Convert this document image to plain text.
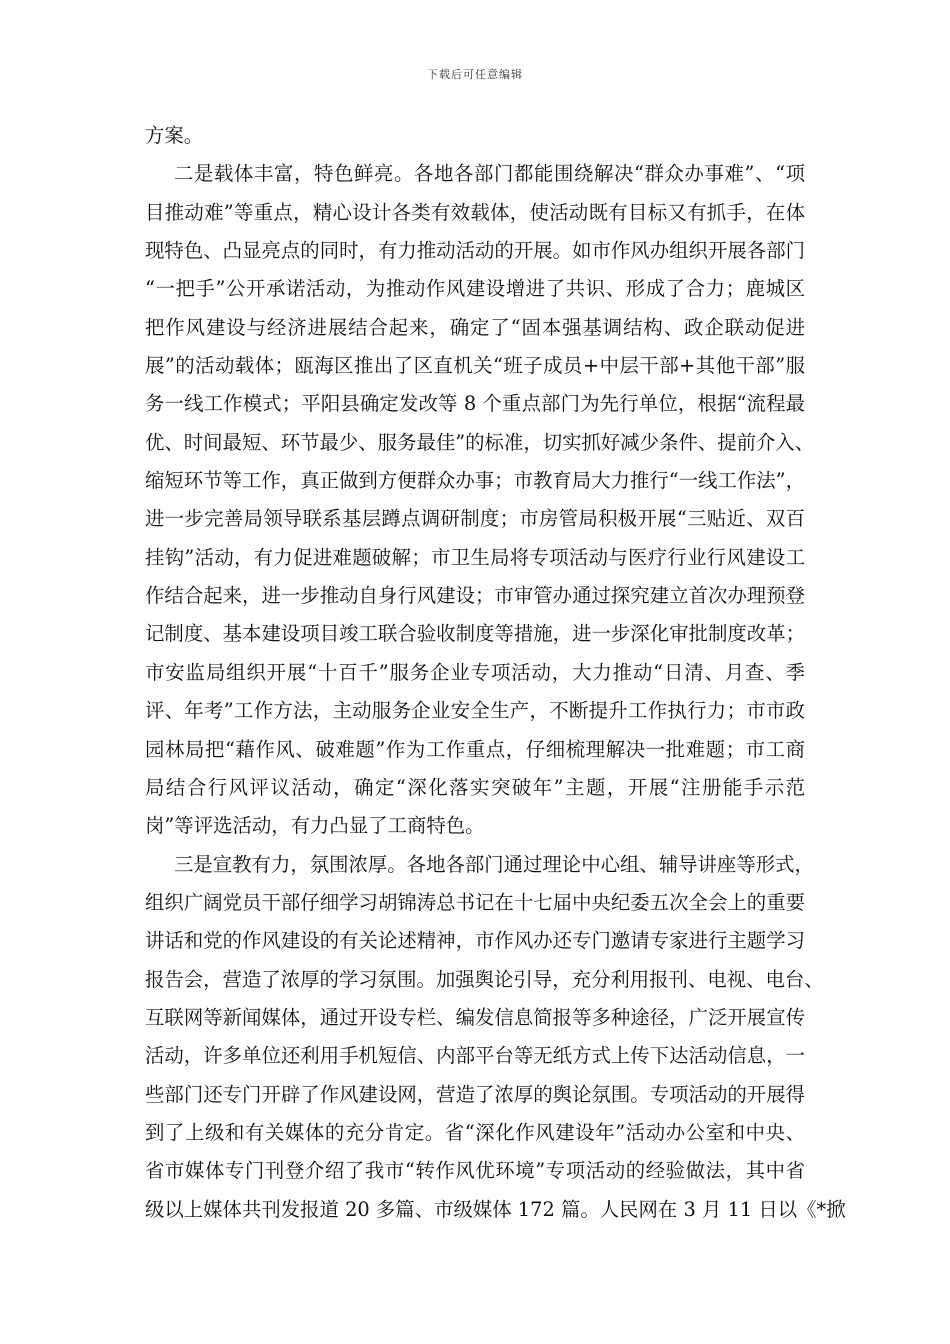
下载后可任意编辑
方案。
二是载体丰富，特色鲜亮。各地各部门都能围绕解决“群众办事难”、“项
目推动难”等重点，精心设计各类有效载体，使活动既有目标又有抓手，在体
现特色、凸显亮点的同时，有力推动活动的开展。如市作风办组织开展各部门
“一把手”公开承诺活动，为推动作风建设增进了共识、形成了合力；鹿城区
把作风建设与经济进展结合起来，确定了“固本强基调结构、政企联动促进
展”的活动载体；瓯海区推出了区直机关“班子成员+中层干部+其他干部”服
务一线工作模式；平阳县确定发改等 8 个重点部门为先行单位，根据“流程最
优、时间最短、环节最少、服务最佳”的标准，切实抓好减少条件、提前介入、
缩短环节等工作，真正做到方便群众办事；市教育局大力推行“一线工作法”，
进一步完善局领导联系基层蹲点调研制度；市房管局积极开展“三贴近、双百
挂钩”活动，有力促进难题破解；市卫生局将专项活动与医疗行业行风建设工
作结合起来，进一步推动自身行风建设；市审管办通过探究建立首次办理预登
记制度、基本建设项目竣工联合验收制度等措施，进一步深化审批制度改革；
市安监局组织开展“十百千”服务企业专项活动，大力推动“日清、月查、季
评、年考”工作方法，主动服务企业安全生产，不断提升工作执行力；市市政
园林局把“藉作风、破难题”作为工作重点，仔细梳理解决一批难题；市工商
局结合行风评议活动，确定“深化落实突破年”主题，开展“注册能手示范
岗”等评选活动，有力凸显了工商特色。
三是宣教有力，氛围浓厚。各地各部门通过理论中心组、辅导讲座等形式，
组织广阔党员干部仔细学习胡锦涛总书记在十七届中央纪委五次全会上的重要
讲话和党的作风建设的有关论述精神，市作风办还专门邀请专家进行主题学习
报告会，营造了浓厚的学习氛围。加强舆论引导，充分利用报刊、电视、电台、
互联网等新闻媒体，通过开设专栏、编发信息简报等多种途径，广泛开展宣传
活动，许多单位还利用手机短信、内部平台等无纸方式上传下达活动信息，一
些部门还专门开辟了作风建设网，营造了浓厚的舆论氛围。专项活动的开展得
到了上级和有关媒体的充分肯定。省“深化作风建设年”活动办公室和中央、
省市媒体专门刊登介绍了我市“转作风优环境”专项活动的经验做法，其中省
级以上媒体共刊发报道 20 多篇、市级媒体 172 篇。人民网在 3 月 11 日以《*掀
